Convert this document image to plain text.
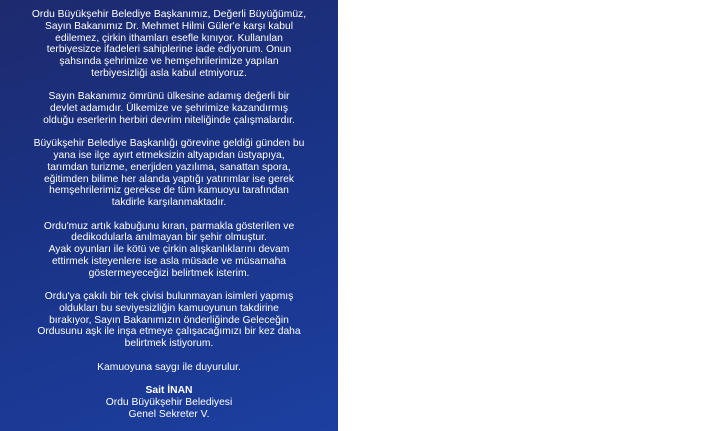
Ordu Büyükşehir Belediye Başkanımız, Değerli Büyüğümüz,
Sayın Bakanımız Dr. Mehmet Hilmi Güler'e karşı kabul
edilemez, çirkin ithamları esefle kınıyor. Kullanılan
terbiyesizce ifadeleri sahiplerine iade ediyorum. Onun
şahsında şehrimize ve hemşehrilerimize yapılan
terbiyesizliği asla kabul etmiyoruz.
Sayın Bakanımız ömrünü ülkesine adamış değerli bir
devlet adamıdır. Ülkemize ve şehrimize kazandırmış
olduğu eserlerin herbiri devrim niteliğinde çalışmalardır.
Büyükşehir Belediye Başkanlığı görevine geldiği günden bu
yana ise ilçe ayırt etmeksizin altyapıdan üstyapıya,
tarımdan turizme, enerjiden yazılıma, sanattan spora,
eğitimden bilime her alanda yaptığı yatırımlar ise gerek
hemşehrilerimiz gerekse de tüm kamuoyu tarafından
takdirle karşılanmaktadır.
Ordu'muz artık kabuğunu kıran, parmakla gösterilen ve
dedikodularla anılmayan bir şehir olmuştur.
Ayak oyunları ile kötü ve çirkin alışkanlıklarını devam
ettirmek isteyenlere ise asla müsade ve müsamaha
göstermeyeceğizi belirtmek isterim.
Ordu'ya çakılı bir tek çivisi bulunmayan isimleri yapmış
oldukları bu seviyesizliğin kamuoyunun takdirine
bırakıyor, Sayın Bakanımızın önderliğinde Geleceğin
Ordusunu aşk ile inşa etmeye çalışacağımızı bir kez daha
belirtmek istiyorum.
Kamuoyuna saygı ile duyurulur.
Sait İNAN
Ordu Büyükşehir Belediyesi
Genel Sekreter V.
